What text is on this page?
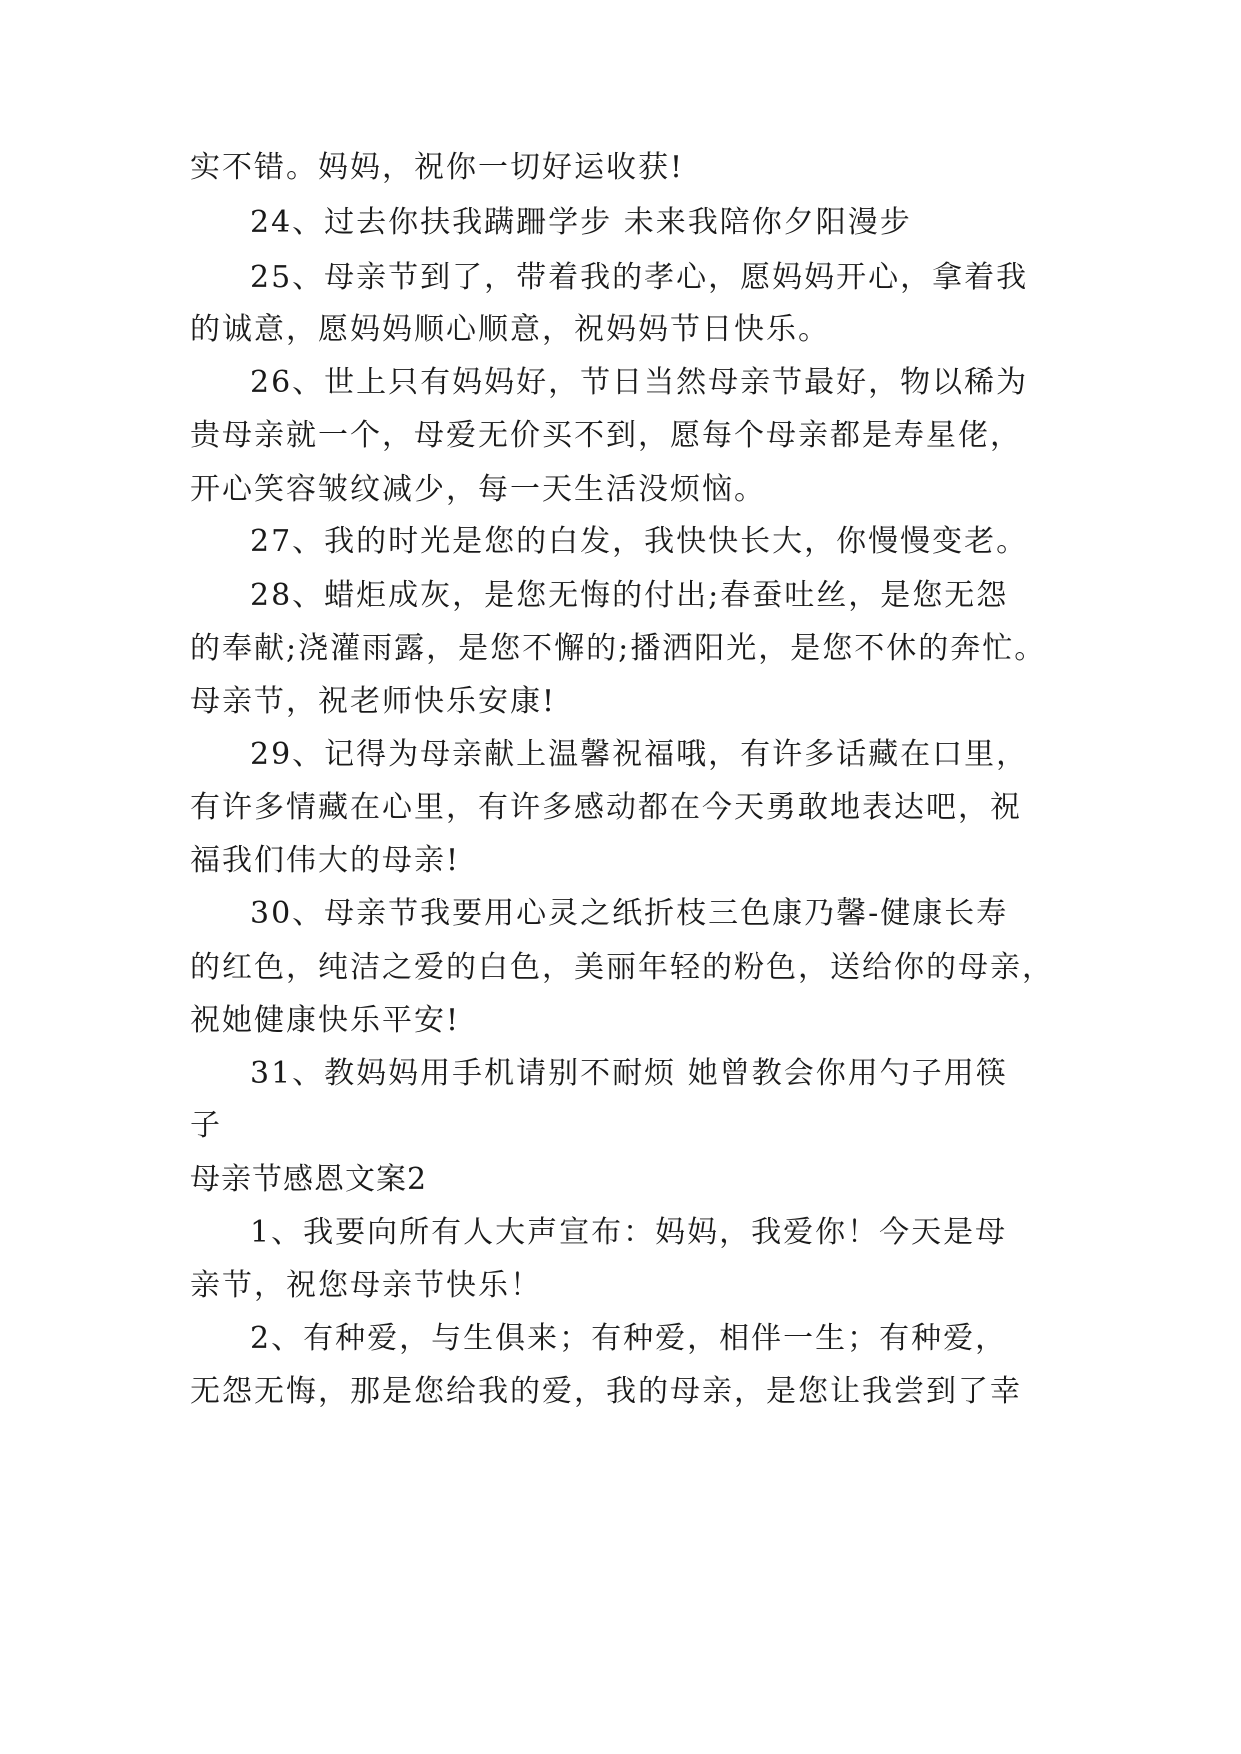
实不错。妈妈，祝你一切好运收获!
24、过去你扶我蹒跚学步 未来我陪你夕阳漫步
25、母亲节到了，带着我的孝心，愿妈妈开心，拿着我
的诚意，愿妈妈顺心顺意，祝妈妈节日快乐。
26、世上只有妈妈好，节日当然母亲节最好，物以稀为
贵母亲就一个，母爱无价买不到，愿每个母亲都是寿星佬，
开心笑容皱纹减少，每一天生活没烦恼。
27、我的时光是您的白发，我快快长大，你慢慢变老。
28、蜡炬成灰，是您无悔的付出;春蚕吐丝，是您无怨
的奉献;浇灌雨露，是您不懈的;播洒阳光，是您不休的奔忙。
母亲节，祝老师快乐安康!
29、记得为母亲献上温馨祝福哦，有许多话藏在口里，
有许多情藏在心里，有许多感动都在今天勇敢地表达吧，祝
福我们伟大的母亲!
30、母亲节我要用心灵之纸折枝三色康乃馨-健康长寿
的红色，纯洁之爱的白色，美丽年轻的粉色，送给你的母亲，
祝她健康快乐平安!
31、教妈妈用手机请别不耐烦 她曾教会你用勺子用筷
子
母亲节感恩文案2
1、我要向所有人大声宣布：妈妈，我爱你！今天是母
亲节，祝您母亲节快乐！
2、有种爱，与生俱来；有种爱，相伴一生；有种爱，
无怨无悔，那是您给我的爱，我的母亲，是您让我尝到了幸
